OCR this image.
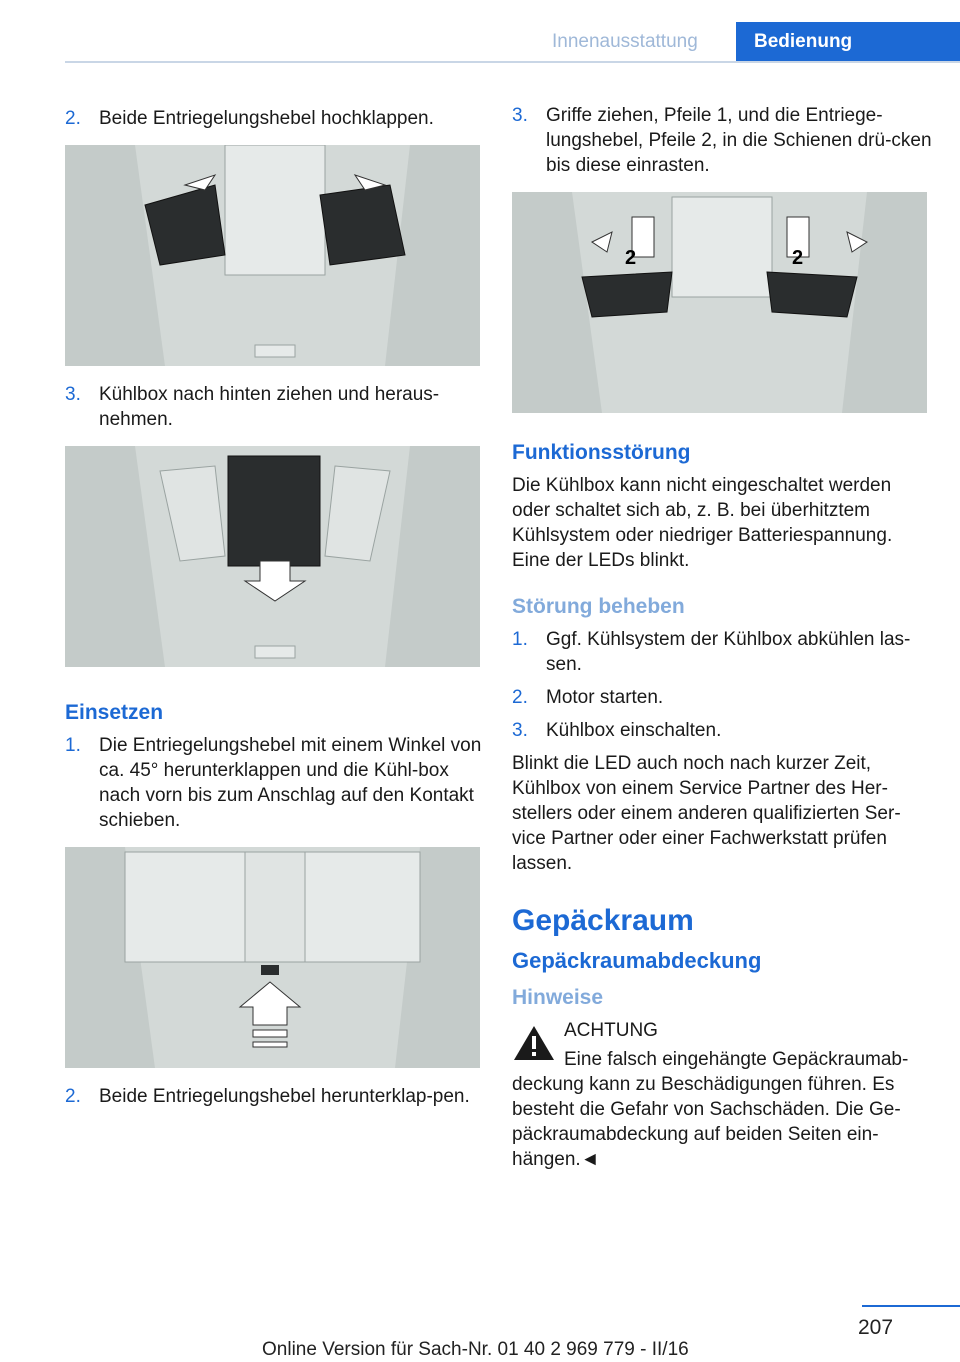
Innenausstattung	Bedienung
2. Beide Entriegelungshebel hochklappen.
3. Kühlbox nach hinten ziehen und heraus-nehmen.
Einsetzen
1. Die Entriegelungshebel mit einem Winkel von ca. 45° herunterklappen und die Kühl-box nach vorn bis zum Anschlag auf den Kontakt schieben.
2. Beide Entriegelungshebel herunterklap-pen.
3. Griffe ziehen, Pfeile 1, und die Entriege-lungshebel, Pfeile 2, in die Schienen drü-cken bis diese einrasten.
2	2
Funktionsstörung
Die Kühlbox kann nicht eingeschaltet werden oder schaltet sich ab, z. B. bei überhitztem Kühlsystem oder niedriger Batteriespannung. Eine der LEDs blinkt.
Störung beheben
1. Ggf. Kühlsystem der Kühlbox abkühlen las-sen.
2. Motor starten.
3. Kühlbox einschalten.
Blinkt die LED auch noch nach kurzer Zeit, Kühlbox von einem Service Partner des Her-stellers oder einem anderen qualifizierten Ser-vice Partner oder einer Fachwerkstatt prüfen lassen.
Gepäckraum
Gepäckraumabdeckung
Hinweise
ACHTUNG
Eine falsch eingehängte Gepäckraumab-deckung kann zu Beschädigungen führen. Es besteht die Gefahr von Sachschäden. Die Ge-päckraumabdeckung auf beiden Seiten ein-hängen.◄
207
Online Version für Sach-Nr. 01 40 2 969 779 - II/16
